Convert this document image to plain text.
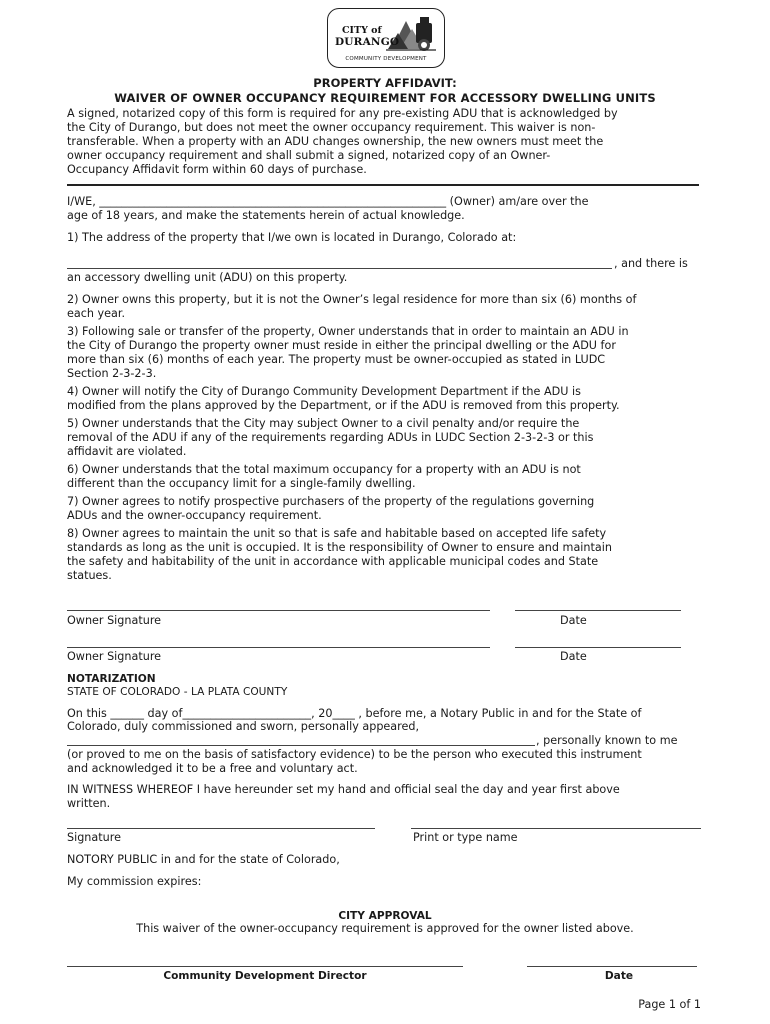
CITY of
DURANGO
COMMUNITY DEVELOPMENT
PROPERTY AFFIDAVIT:
WAIVER OF OWNER OCCUPANCY REQUIREMENT FOR ACCESSORY DWELLING UNITS
A signed, notarized copy of this form is required for any pre-existing ADU that is acknowledged by
the City of Durango, but does not meet the owner occupancy requirement. This waiver is non-
transferable. When a property with an ADU changes ownership, the new owners must meet the
owner occupancy requirement and shall submit a signed, notarized copy of an Owner-
Occupancy Affidavit form within 60 days of purchase.
I/WE, ______________________________________________________________ (Owner) am/are over the
age of 18 years, and make the statements herein of actual knowledge.
1) The address of the property that I/we own is located in Durango, Colorado at:
, and there is
an accessory dwelling unit (ADU) on this property.
2) Owner owns this property, but it is not the Owner’s legal residence for more than six (6) months of
each year.
3) Following sale or transfer of the property, Owner understands that in order to maintain an ADU in
the City of Durango the property owner must reside in either the principal dwelling or the ADU for
more than six (6) months of each year. The property must be owner-occupied as stated in LUDC
Section 2-3-2-3.
4) Owner will notify the City of Durango Community Development Department if the ADU is
modified from the plans approved by the Department, or if the ADU is removed from this property.
5) Owner understands that the City may subject Owner to a civil penalty and/or require the
removal of the ADU if any of the requirements regarding ADUs in LUDC Section 2-3-2-3 or this
affidavit are violated.
6) Owner understands that the total maximum occupancy for a property with an ADU is not
different than the occupancy limit for a single-family dwelling.
7) Owner agrees to notify prospective purchasers of the property of the regulations governing
ADUs and the owner-occupancy requirement.
8) Owner agrees to maintain the unit so that is safe and habitable based on accepted life safety
standards as long as the unit is occupied. It is the responsibility of Owner to ensure and maintain
the safety and habitability of the unit in accordance with applicable municipal codes and State
statues.
Owner Signature	Date
Owner Signature	Date
NOTARIZATION
STATE OF COLORADO - LA PLATA COUNTY
On this ______ day of_______________________, 20____ , before me, a Notary Public in and for the State of
Colorado, duly commissioned and sworn, personally appeared,
, personally known to me
(or proved to me on the basis of satisfactory evidence) to be the person who executed this instrument
and acknowledged it to be a free and voluntary act.
IN WITNESS WHEREOF I have hereunder set my hand and official seal the day and year first above
written.
Signature	Print or type name
NOTORY PUBLIC in and for the state of Colorado,
My commission expires:
CITY APPROVAL
This waiver of the owner-occupancy requirement is approved for the owner listed above.
Community Development Director	Date
Page 1 of 1
